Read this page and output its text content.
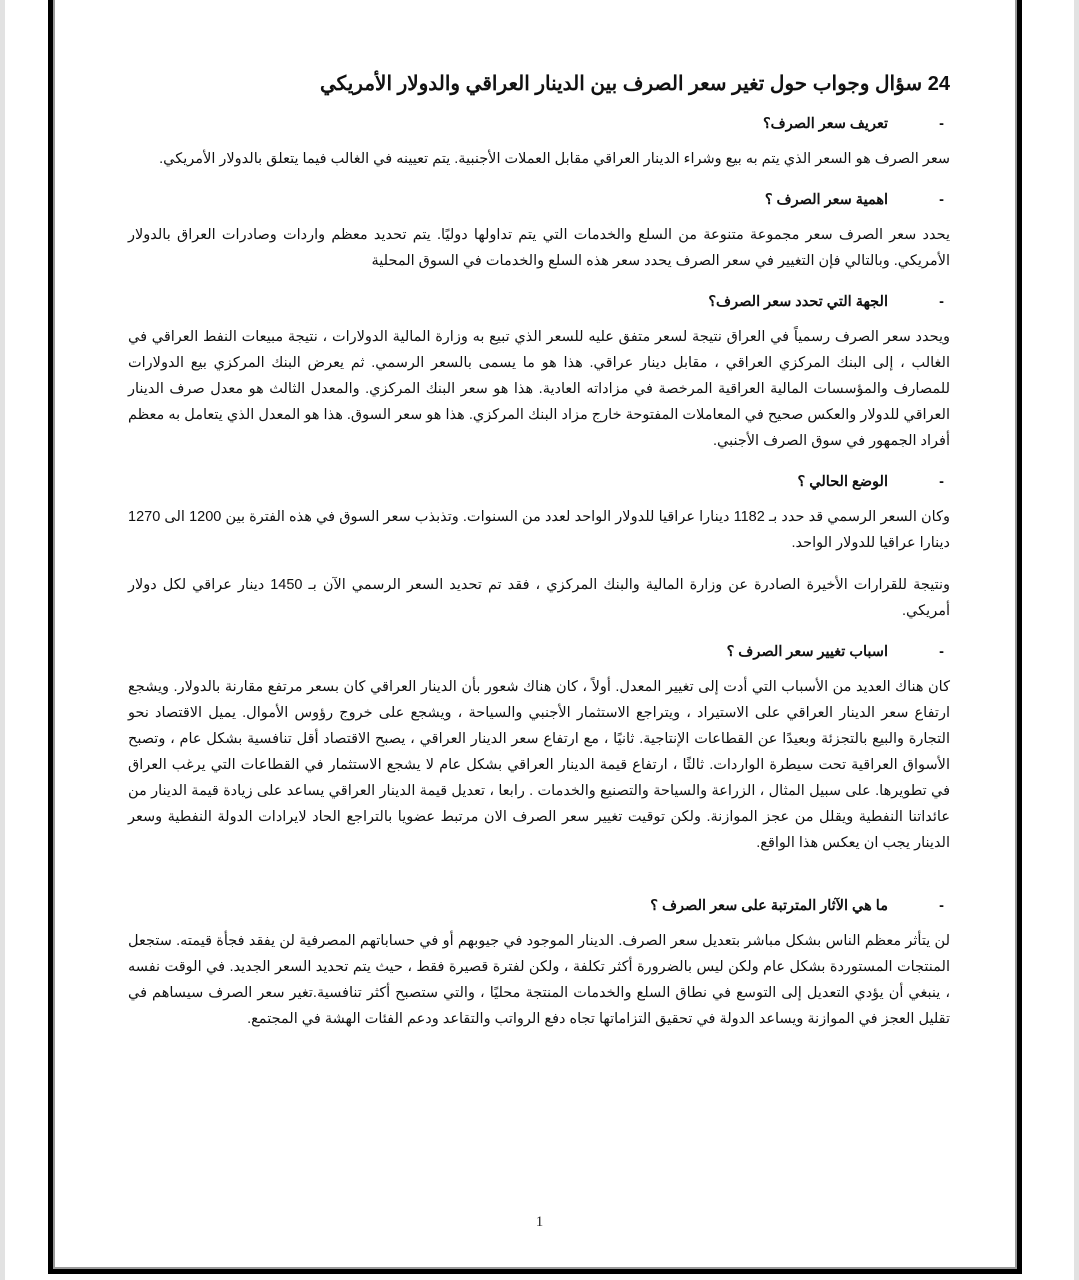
24 سؤال وجواب حول تغير سعر الصرف بين الدينار العراقي والدولار الأمريكي
-
تعريف سعر الصرف؟
سعر الصرف هو السعر الذي يتم به بيع وشراء الدينار العراقي مقابل العملات الأجنبية. يتم تعيينه في الغالب فيما يتعلق بالدولار الأمريكي.
-
اهمية سعر الصرف ؟
يحدد سعر الصرف سعر مجموعة متنوعة من السلع والخدمات التي يتم تداولها دوليًا. يتم تحديد معظم واردات وصادرات العراق بالدولار الأمريكي. وبالتالي فإن التغيير في سعر الصرف يحدد سعر هذه السلع والخدمات في السوق المحلية
-
الجهة التي تحدد سعر الصرف؟
ويحدد سعر الصرف رسمياً في العراق نتيجة لسعر متفق عليه للسعر الذي تبيع به وزارة المالية الدولارات ، نتيجة مبيعات النفط العراقي في الغالب ، إلى البنك المركزي العراقي ، مقابل دينار عراقي. هذا هو ما يسمى بالسعر الرسمي. ثم يعرض البنك المركزي بيع الدولارات للمصارف والمؤسسات المالية العراقية المرخصة في مزاداته العادية. هذا هو سعر البنك المركزي. والمعدل الثالث هو معدل صرف الدينار العراقي للدولار والعكس صحيح في المعاملات المفتوحة خارج مزاد البنك المركزي. هذا هو سعر السوق. هذا هو المعدل الذي يتعامل به معظم أفراد الجمهور في سوق الصرف الأجنبي.
-
الوضع الحالي ؟
وكان السعر الرسمي قد حدد بـ 1182 دينارا عراقيا للدولار الواحد لعدد من السنوات. وتذبذب سعر السوق في هذه الفترة بين 1200 الى 1270 دينارا عراقيا للدولار الواحد.
ونتيجة للقرارات الأخيرة الصادرة عن وزارة المالية والبنك المركزي ، فقد تم تحديد السعر الرسمي الآن بـ 1450 دينار عراقي لكل دولار أمريكي.
-
اسباب تغيير سعر الصرف ؟
كان هناك العديد من الأسباب التي أدت إلى تغيير المعدل. أولاً ، كان هناك شعور بأن الدينار العراقي كان بسعر مرتفع مقارنة بالدولار. ويشجع ارتفاع سعر الدينار العراقي على الاستيراد ، ويتراجع الاستثمار الأجنبي والسياحة ، ويشجع على خروج رؤوس الأموال. يميل الاقتصاد نحو التجارة والبيع بالتجزئة وبعيدًا عن القطاعات الإنتاجية. ثانيًا ، مع ارتفاع سعر الدينار العراقي ، يصبح الاقتصاد أقل تنافسية بشكل عام ، وتصبح الأسواق العراقية تحت سيطرة الواردات. ثالثًا ، ارتفاع قيمة الدينار العراقي بشكل عام لا يشجع الاستثمار في القطاعات التي يرغب العراق في تطويرها. على سبيل المثال ، الزراعة والسياحة والتصنيع والخدمات . رابعا ، تعديل قيمة الدينار العراقي يساعد على زيادة قيمة الدينار من عائداتنا النفطية ويقلل من عجز الموازنة. ولكن توقيت تغيير سعر الصرف الان مرتبط عضويا بالتراجع الحاد لايرادات الدولة النفطية وسعر الدينار يجب ان يعكس هذا الواقع.
-
ما هي الآثار المترتبة على سعر الصرف ؟
لن يتأثر معظم الناس بشكل مباشر بتعديل سعر الصرف. الدينار الموجود في جيوبهم أو في حساباتهم المصرفية لن يفقد فجأة قيمته. ستجعل المنتجات المستوردة بشكل عام ولكن ليس بالضرورة أكثر تكلفة ، ولكن لفترة قصيرة فقط ، حيث يتم تحديد السعر الجديد. في الوقت نفسه ، ينبغي أن يؤدي التعديل إلى التوسع في نطاق السلع والخدمات المنتجة محليًا ، والتي ستصبح أكثر تنافسية.تغير سعر الصرف سيساهم في تقليل العجز في الموازنة ويساعد الدولة في تحقيق التزاماتها تجاه دفع الرواتب والتقاعد ودعم الفئات الهشة في المجتمع.
1
